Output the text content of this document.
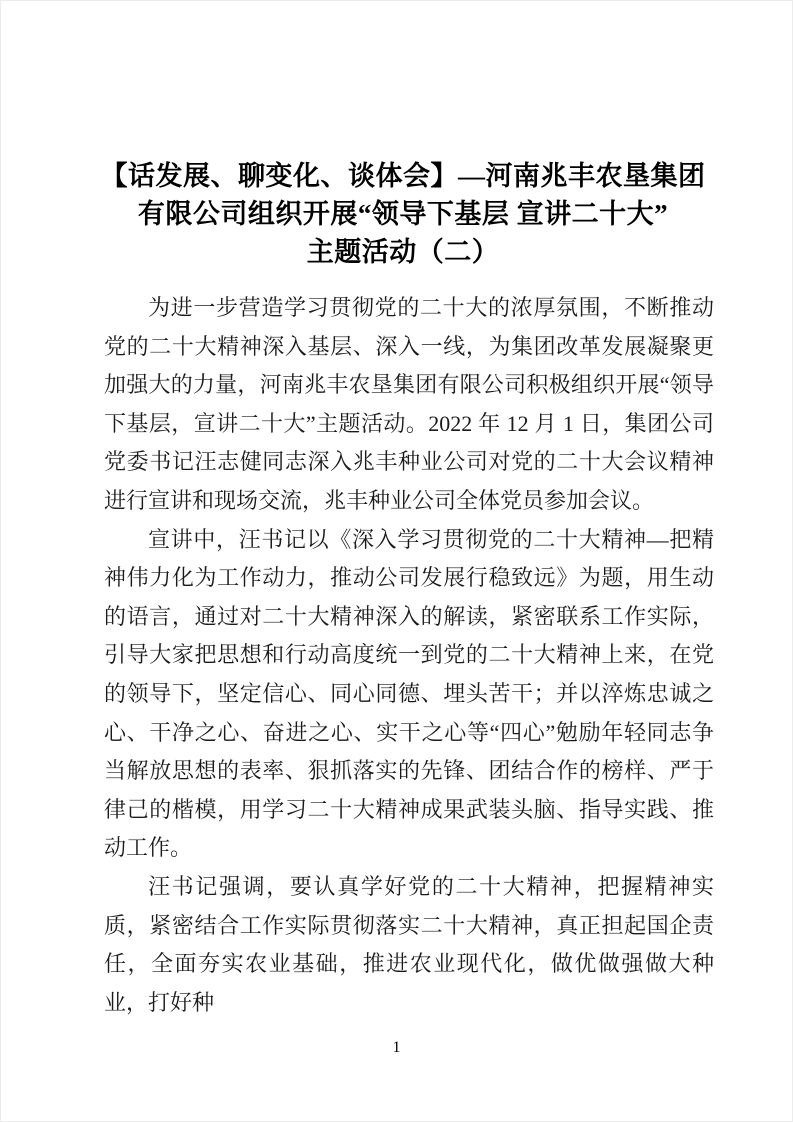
【话发展、聊变化、谈体会】—河南兆丰农垦集团
有限公司组织开展“领导下基层 宣讲二十大”
主题活动（二）

为进一步营造学习贯彻党的二十大的浓厚氛围，不断推动党的二十大精神深入基层、深入一线，为集团改革发展凝聚更加强大的力量，河南兆丰农垦集团有限公司积极组织开展“领导下基层，宣讲二十大”主题活动。2022 年 12 月 1 日，集团公司党委书记汪志健同志深入兆丰种业公司对党的二十大会议精神进行宣讲和现场交流，兆丰种业公司全体党员参加会议。

宣讲中，汪书记以《深入学习贯彻党的二十大精神—把精神伟力化为工作动力，推动公司发展行稳致远》为题，用生动的语言，通过对二十大精神深入的解读，紧密联系工作实际，引导大家把思想和行动高度统一到党的二十大精神上来，在党的领导下，坚定信心、同心同德、埋头苦干；并以淬炼忠诚之心、干净之心、奋进之心、实干之心等“四心”勉励年轻同志争当解放思想的表率、狠抓落实的先锋、团结合作的榜样、严于律己的楷模，用学习二十大精神成果武装头脑、指导实践、推动工作。

汪书记强调，要认真学好党的二十大精神，把握精神实质，紧密结合工作实际贯彻落实二十大精神，真正担起国企责任，全面夯实农业基础，推进农业现代化，做优做强做大种业，打好种

1
